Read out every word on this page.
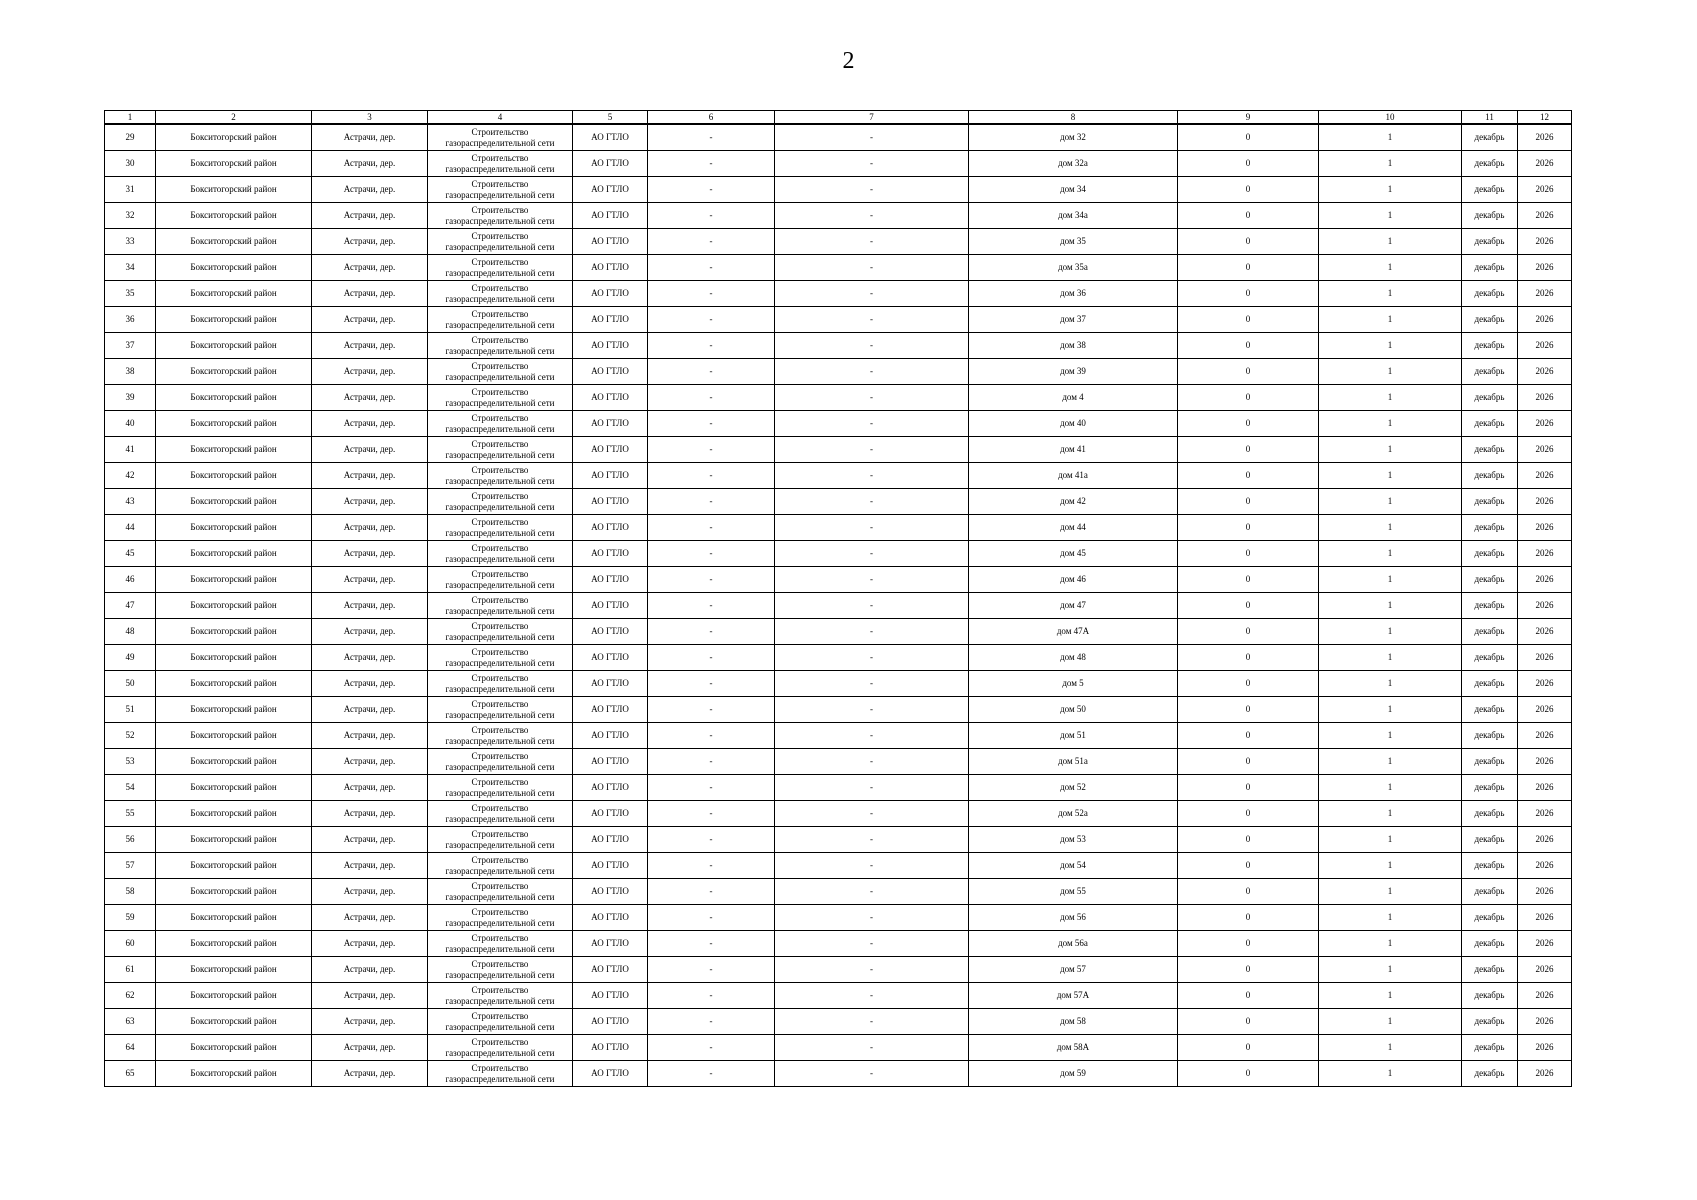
2
1	2	3	4	5	6	7	8	9	10	11	12
29	Бокситогорский район	Астрачи, дер.	Строительство газораспределительной сети	АО ГТЛО	-	-	дом 32	0	1	декабрь	2026
30	Бокситогорский район	Астрачи, дер.	Строительство газораспределительной сети	АО ГТЛО	-	-	дом 32а	0	1	декабрь	2026
31	Бокситогорский район	Астрачи, дер.	Строительство газораспределительной сети	АО ГТЛО	-	-	дом 34	0	1	декабрь	2026
32	Бокситогорский район	Астрачи, дер.	Строительство газораспределительной сети	АО ГТЛО	-	-	дом 34а	0	1	декабрь	2026
33	Бокситогорский район	Астрачи, дер.	Строительство газораспределительной сети	АО ГТЛО	-	-	дом 35	0	1	декабрь	2026
34	Бокситогорский район	Астрачи, дер.	Строительство газораспределительной сети	АО ГТЛО	-	-	дом 35а	0	1	декабрь	2026
35	Бокситогорский район	Астрачи, дер.	Строительство газораспределительной сети	АО ГТЛО	-	-	дом 36	0	1	декабрь	2026
36	Бокситогорский район	Астрачи, дер.	Строительство газораспределительной сети	АО ГТЛО	-	-	дом 37	0	1	декабрь	2026
37	Бокситогорский район	Астрачи, дер.	Строительство газораспределительной сети	АО ГТЛО	-	-	дом 38	0	1	декабрь	2026
38	Бокситогорский район	Астрачи, дер.	Строительство газораспределительной сети	АО ГТЛО	-	-	дом 39	0	1	декабрь	2026
39	Бокситогорский район	Астрачи, дер.	Строительство газораспределительной сети	АО ГТЛО	-	-	дом 4	0	1	декабрь	2026
40	Бокситогорский район	Астрачи, дер.	Строительство газораспределительной сети	АО ГТЛО	-	-	дом 40	0	1	декабрь	2026
41	Бокситогорский район	Астрачи, дер.	Строительство газораспределительной сети	АО ГТЛО	-	-	дом 41	0	1	декабрь	2026
42	Бокситогорский район	Астрачи, дер.	Строительство газораспределительной сети	АО ГТЛО	-	-	дом 41а	0	1	декабрь	2026
43	Бокситогорский район	Астрачи, дер.	Строительство газораспределительной сети	АО ГТЛО	-	-	дом 42	0	1	декабрь	2026
44	Бокситогорский район	Астрачи, дер.	Строительство газораспределительной сети	АО ГТЛО	-	-	дом 44	0	1	декабрь	2026
45	Бокситогорский район	Астрачи, дер.	Строительство газораспределительной сети	АО ГТЛО	-	-	дом 45	0	1	декабрь	2026
46	Бокситогорский район	Астрачи, дер.	Строительство газораспределительной сети	АО ГТЛО	-	-	дом 46	0	1	декабрь	2026
47	Бокситогорский район	Астрачи, дер.	Строительство газораспределительной сети	АО ГТЛО	-	-	дом 47	0	1	декабрь	2026
48	Бокситогорский район	Астрачи, дер.	Строительство газораспределительной сети	АО ГТЛО	-	-	дом 47А	0	1	декабрь	2026
49	Бокситогорский район	Астрачи, дер.	Строительство газораспределительной сети	АО ГТЛО	-	-	дом 48	0	1	декабрь	2026
50	Бокситогорский район	Астрачи, дер.	Строительство газораспределительной сети	АО ГТЛО	-	-	дом 5	0	1	декабрь	2026
51	Бокситогорский район	Астрачи, дер.	Строительство газораспределительной сети	АО ГТЛО	-	-	дом 50	0	1	декабрь	2026
52	Бокситогорский район	Астрачи, дер.	Строительство газораспределительной сети	АО ГТЛО	-	-	дом 51	0	1	декабрь	2026
53	Бокситогорский район	Астрачи, дер.	Строительство газораспределительной сети	АО ГТЛО	-	-	дом 51а	0	1	декабрь	2026
54	Бокситогорский район	Астрачи, дер.	Строительство газораспределительной сети	АО ГТЛО	-	-	дом 52	0	1	декабрь	2026
55	Бокситогорский район	Астрачи, дер.	Строительство газораспределительной сети	АО ГТЛО	-	-	дом 52а	0	1	декабрь	2026
56	Бокситогорский район	Астрачи, дер.	Строительство газораспределительной сети	АО ГТЛО	-	-	дом 53	0	1	декабрь	2026
57	Бокситогорский район	Астрачи, дер.	Строительство газораспределительной сети	АО ГТЛО	-	-	дом 54	0	1	декабрь	2026
58	Бокситогорский район	Астрачи, дер.	Строительство газораспределительной сети	АО ГТЛО	-	-	дом 55	0	1	декабрь	2026
59	Бокситогорский район	Астрачи, дер.	Строительство газораспределительной сети	АО ГТЛО	-	-	дом 56	0	1	декабрь	2026
60	Бокситогорский район	Астрачи, дер.	Строительство газораспределительной сети	АО ГТЛО	-	-	дом 56а	0	1	декабрь	2026
61	Бокситогорский район	Астрачи, дер.	Строительство газораспределительной сети	АО ГТЛО	-	-	дом 57	0	1	декабрь	2026
62	Бокситогорский район	Астрачи, дер.	Строительство газораспределительной сети	АО ГТЛО	-	-	дом 57А	0	1	декабрь	2026
63	Бокситогорский район	Астрачи, дер.	Строительство газораспределительной сети	АО ГТЛО	-	-	дом 58	0	1	декабрь	2026
64	Бокситогорский район	Астрачи, дер.	Строительство газораспределительной сети	АО ГТЛО	-	-	дом 58А	0	1	декабрь	2026
65	Бокситогорский район	Астрачи, дер.	Строительство газораспределительной сети	АО ГТЛО	-	-	дом 59	0	1	декабрь	2026
